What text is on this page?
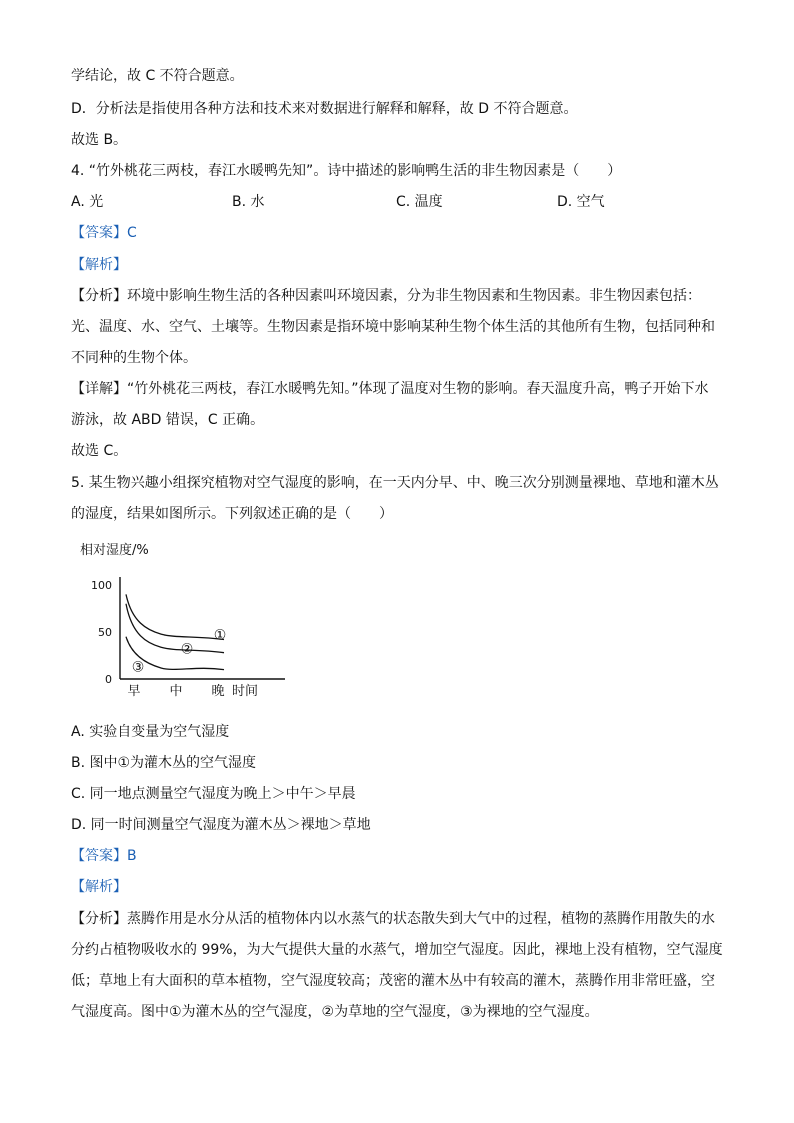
学结论，故 C 不符合题意。
D．分析法是指使用各种方法和技术来对数据进行解释和解释，故 D 不符合题意。
故选 B。
4. “竹外桃花三两枝，春江水暖鸭先知”。诗中描述的影响鸭生活的非生物因素是（　　）
A. 光	B. 水	C. 温度	D. 空气
【答案】C
【解析】
【分析】环境中影响生物生活的各种因素叫环境因素，分为非生物因素和生物因素。非生物因素包括：
光、温度、水、空气、土壤等。生物因素是指环境中影响某种生物个体生活的其他所有生物，包括同种和
不同种的生物个体。
【详解】“竹外桃花三两枝，春江水暖鸭先知。”体现了温度对生物的影响。春天温度升高，鸭子开始下水
游泳，故 ABD 错误，C 正确。
故选 C。
5. 某生物兴趣小组探究植物对空气湿度的影响，在一天内分早、中、晚三次分别测量裸地、草地和灌木丛
的湿度，结果如图所示。下列叙述正确的是（　　）
相对湿度/%
时间
100
50
0
早 中 晚
①
②
③
A. 实验自变量为空气湿度
B. 图中①为灌木丛的空气湿度
C. 同一地点测量空气湿度为晚上＞中午＞早晨
D. 同一时间测量空气湿度为灌木丛＞裸地＞草地
【答案】B
【解析】
【分析】蒸腾作用是水分从活的植物体内以水蒸气的状态散失到大气中的过程，植物的蒸腾作用散失的水
分约占植物吸收水的 99%，为大气提供大量的水蒸气，增加空气湿度。因此，裸地上没有植物，空气湿度
低；草地上有大面积的草本植物，空气湿度较高；茂密的灌木丛中有较高的灌木，蒸腾作用非常旺盛，空
气湿度高。图中①为灌木丛的空气湿度，②为草地的空气湿度，③为裸地的空气湿度。
